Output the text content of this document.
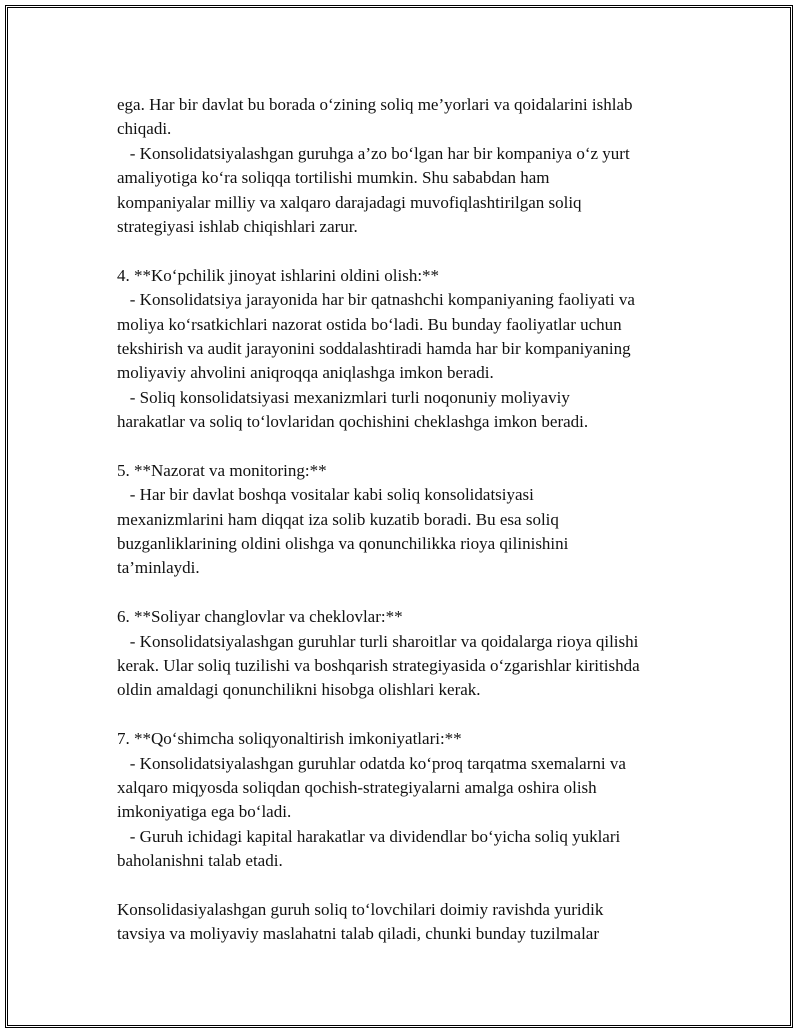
ega. Har bir davlat bu borada o‘zining soliq me’yorlari va qoidalarini ishlab
chiqadi.
- Konsolidatsiyalashgan guruhga a’zo bo‘lgan har bir kompaniya o‘z yurt
amaliyotiga ko‘ra soliqqa tortilishi mumkin. Shu sababdan ham
kompaniyalar milliy va xalqaro darajadagi muvofiqlashtirilgan soliq
strategiyasi ishlab chiqishlari zarur.
4. **Ko‘pchilik jinoyat ishlarini oldini olish:**
- Konsolidatsiya jarayonida har bir qatnashchi kompaniyaning faoliyati va
moliya ko‘rsatkichlari nazorat ostida bo‘ladi. Bu bunday faoliyatlar uchun
tekshirish va audit jarayonini soddalashtiradi hamda har bir kompaniyaning
moliyaviy ahvolini aniqroqqa aniqlashga imkon beradi.
- Soliq konsolidatsiyasi mexanizmlari turli noqonuniy moliyaviy
harakatlar va soliq to‘lovlaridan qochishini cheklashga imkon beradi.
5. **Nazorat va monitoring:**
- Har bir davlat boshqa vositalar kabi soliq konsolidatsiyasi
mexanizmlarini ham diqqat iza solib kuzatib boradi. Bu esa soliq
buzganliklarining oldini olishga va qonunchilikka rioya qilinishini
ta’minlaydi.
6. **Soliyar changlovlar va cheklovlar:**
- Konsolidatsiyalashgan guruhlar turli sharoitlar va qoidalarga rioya qilishi
kerak. Ular soliq tuzilishi va boshqarish strategiyasida o‘zgarishlar kiritishda
oldin amaldagi qonunchilikni hisobga olishlari kerak.
7. **Qo‘shimcha soliqyonaltirish imkoniyatlari:**
- Konsolidatsiyalashgan guruhlar odatda ko‘proq tarqatma sxemalarni va
xalqaro miqyosda soliqdan qochish-strategiyalarni amalga oshira olish
imkoniyatiga ega bo‘ladi.
- Guruh ichidagi kapital harakatlar va dividendlar bo‘yicha soliq yuklari
baholanishni talab etadi.
Konsolidasiyalashgan guruh soliq to‘lovchilari doimiy ravishda yuridik
tavsiya va moliyaviy maslahatni talab qiladi, chunki bunday tuzilmalar
